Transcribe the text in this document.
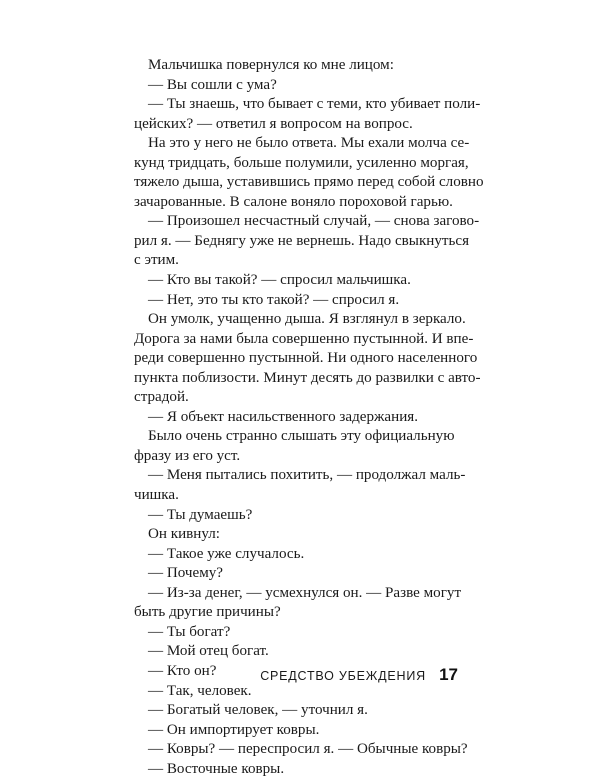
Мальчишка повернулся ко мне лицом:

— Вы сошли с ума?

— Ты знаешь, что бывает с теми, кто убивает поли-

цейских? — ответил я вопросом на вопрос.

На это у него не было ответа. Мы ехали молча се-

кунд тридцать, больше полумили, усиленно моргая,

тяжело дыша, уставившись прямо перед собой словно

зачарованные. В салоне воняло пороховой гарью.

— Произошел несчастный случай, — снова загово-

рил я. — Беднягу уже не вернешь. Надо свыкнуться

с этим.

— Кто вы такой? — спросил мальчишка.

— Нет, это ты кто такой? — спросил я.

Он умолк, учащенно дыша. Я взглянул в зеркало.

Дорога за нами была совершенно пустынной. И впе-

реди совершенно пустынной. Ни одного населенного

пункта поблизости. Минут десять до развилки с авто-

страдой.

— Я объект насильственного задержания.

Было очень странно слышать эту официальную

фразу из его уст.

— Меня пытались похитить, — продолжал маль-

чишка.

— Ты думаешь?

Он кивнул:

— Такое уже случалось.

— Почему?

— Из-за денег, — усмехнулся он. — Разве могут

быть другие причины?

— Ты богат?

— Мой отец богат.

— Кто он?

— Так, человек.

— Богатый человек, — уточнил я.

— Он импортирует ковры.

— Ковры? — переспросил я. — Обычные ковры?

— Восточные ковры.

СРЕДСТВО УБЕЖДЕНИЯ 17
